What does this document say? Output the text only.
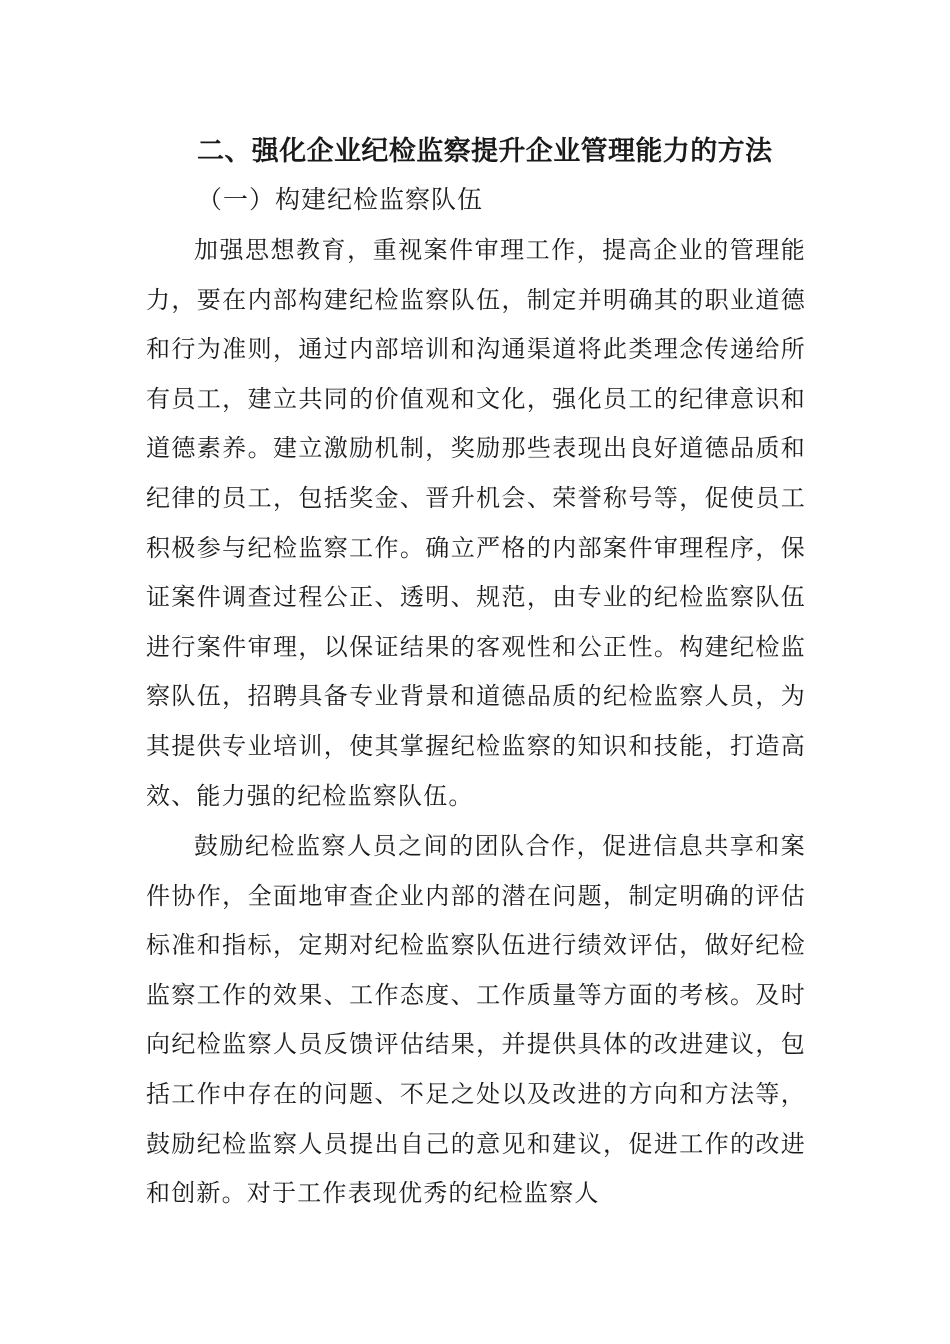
二、强化企业纪检监察提升企业管理能力的方法
（一）构建纪检监察队伍

加强思想教育，重视案件审理工作，提高企业的管理能力，要在内部构建纪检监察队伍，制定并明确其的职业道德和行为准则，通过内部培训和沟通渠道将此类理念传递给所有员工，建立共同的价值观和文化，强化员工的纪律意识和道德素养。建立激励机制，奖励那些表现出良好道德品质和纪律的员工，包括奖金、晋升机会、荣誉称号等，促使员工积极参与纪检监察工作。确立严格的内部案件审理程序，保证案件调查过程公正、透明、规范，由专业的纪检监察队伍进行案件审理，以保证结果的客观性和公正性。构建纪检监察队伍，招聘具备专业背景和道德品质的纪检监察人员，为其提供专业培训，使其掌握纪检监察的知识和技能，打造高效、能力强的纪检监察队伍。

鼓励纪检监察人员之间的团队合作，促进信息共享和案件协作，全面地审查企业内部的潜在问题，制定明确的评估标准和指标，定期对纪检监察队伍进行绩效评估，做好纪检监察工作的效果、工作态度、工作质量等方面的考核。及时向纪检监察人员反馈评估结果，并提供具体的改进建议，包括工作中存在的问题、不足之处以及改进的方向和方法等，鼓励纪检监察人员提出自己的意见和建议，促进工作的改进和创新。对于工作表现优秀的纪检监察人
